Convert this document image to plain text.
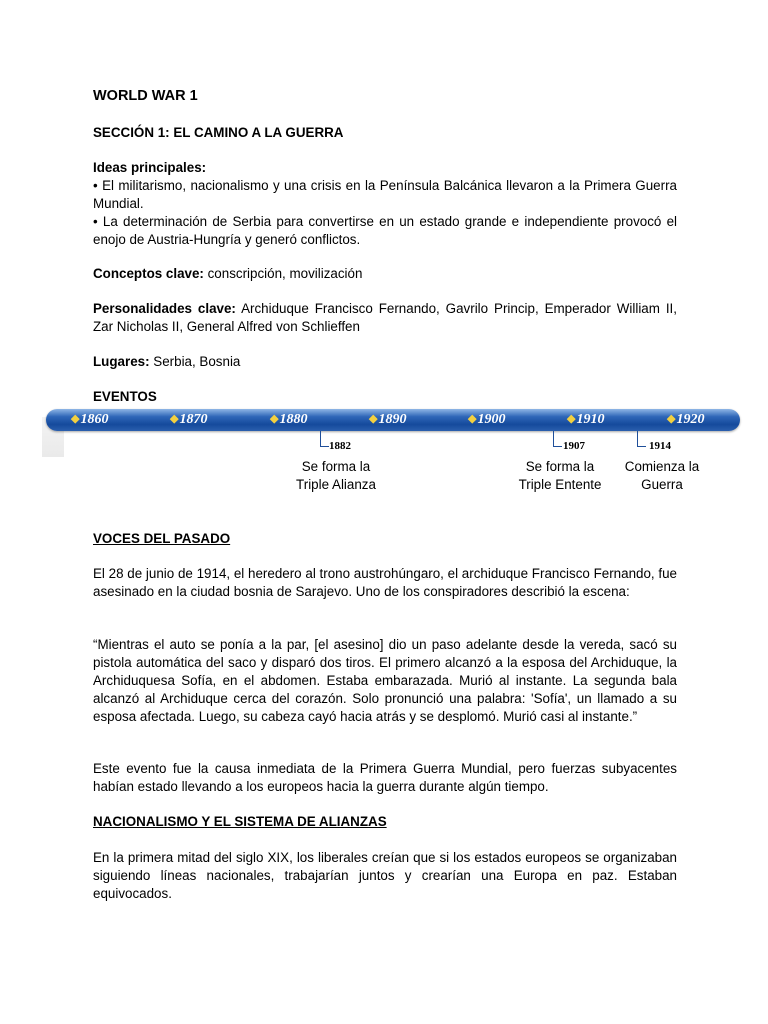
WORLD WAR 1

SECCIÓN 1: EL CAMINO A LA GUERRA

Ideas principales:

• El militarismo, nacionalismo y una crisis en la Península Balcánica llevaron a la Primera Guerra Mundial.

• La determinación de Serbia para convertirse en un estado grande e independiente provocó el enojo de Austria-Hungría y generó conflictos.

Conceptos clave: conscripción, movilización

Personalidades clave: Archiduque Francisco Fernando, Gavrilo Princip, Emperador William II, Zar Nicholas II, General Alfred von Schlieffen

Lugares: Serbia, Bosnia

EVENTOS

◆1860	◆1870	◆1880	◆1890	◆1900	◆1910	◆1920
1882	1907	1914
Se forma la
Triple Alianza
Se forma la
Triple Entente
Comienza la
Guerra

VOCES DEL PASADO

El 28 de junio de 1914, el heredero al trono austrohúngaro, el archiduque Francisco Fernando, fue asesinado en la ciudad bosnia de Sarajevo. Uno de los conspiradores describió la escena:

“Mientras el auto se ponía a la par, [el asesino] dio un paso adelante desde la vereda, sacó su pistola automática del saco y disparó dos tiros. El primero alcanzó a la esposa del Archiduque, la Archiduquesa Sofía, en el abdomen. Estaba embarazada. Murió al instante. La segunda bala alcanzó al Archiduque cerca del corazón. Solo pronunció una palabra: 'Sofía', un llamado a su esposa afectada. Luego, su cabeza cayó hacia atrás y se desplomó. Murió casi al instante.”

Este evento fue la causa inmediata de la Primera Guerra Mundial, pero fuerzas subyacentes habían estado llevando a los europeos hacia la guerra durante algún tiempo.

NACIONALISMO Y EL SISTEMA DE ALIANZAS

En la primera mitad del siglo XIX, los liberales creían que si los estados europeos se organizaban siguiendo líneas nacionales, trabajarían juntos y crearían una Europa en paz. Estaban equivocados.
